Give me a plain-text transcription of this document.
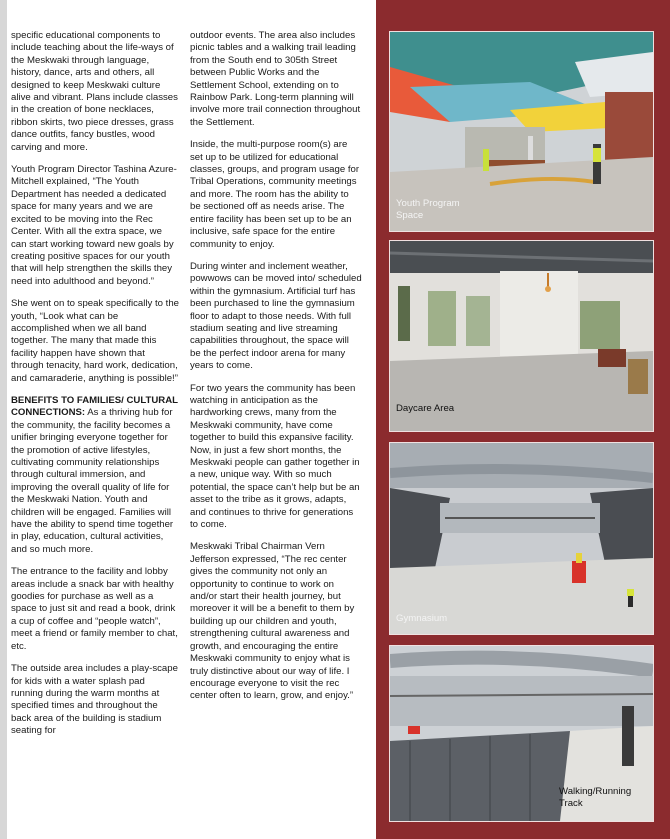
specific educational components to include teaching about the life-ways of the Meskwaki through language, history, dance, arts and others, all designed to keep Meskwaki culture alive and vibrant. Plans include classes in the creation of bone necklaces, ribbon skirts, two piece dresses, grass dance outfits, fancy bustles, wood carving and more.

Youth Program Director Tashina Azure-Mitchell explained, “The Youth Department has needed a dedicated space for many years and we are excited to be moving into the Rec Center. With all the extra space, we can start working toward new goals by creating positive spaces for our youth that will help strengthen the skills they need into adulthood and beyond.”

She went on to speak specifically to the youth, “Look what can be accomplished when we all band together. The many that made this facility happen have shown that through tenacity, hard work, dedication, and camaraderie, anything is possible!”

BENEFITS TO FAMILIES/ CULTURAL CONNECTIONS: As a thriving hub for the community, the facility becomes a unifier bringing everyone together for the promotion of active lifestyles, cultivating community relationships through cultural immersion, and improving the overall quality of life for the Meskwaki Nation. Youth and children will be engaged. Families will have the ability to spend time together in play, education, cultural activities, and so much more.

The entrance to the facility and lobby areas include a snack bar with healthy goodies for purchase as well as a space to just sit and read a book, drink a cup of coffee and “people watch”, meet a friend or family member to chat, etc.

The outside area includes a play-scape for kids with a water splash pad running during the warm months at specified times and throughout the back area of the building is stadium seating for

outdoor events. The area also includes picnic tables and a walking trail leading from the South end to 305th Street between Public Works and the Settlement School, extending on to Rainbow Park. Long-term planning will involve more trail connection throughout the Settlement.

Inside, the multi-purpose room(s) are set up to be utilized for educational classes, groups, and program usage for Tribal Operations, community meetings and more. The room has the ability to be sectioned off as needs arise. The entire facility has been set up to be an inclusive, safe space for the entire community to enjoy.

During winter and inclement weather, powwows can be moved into/ scheduled within the gymnasium. Artificial turf has been purchased to line the gymnasium floor to adapt to those needs. With full stadium seating and live streaming capabilities throughout, the space will be the perfect indoor arena for many years to come.

For two years the community has been watching in anticipation as the hardworking crews, many from the Meskwaki community, have come together to build this expansive facility. Now, in just a few short months, the Meskwaki people can gather together in a new, unique way. With so much potential, the space can’t help but be an asset to the tribe as it grows, adapts, and continues to thrive for generations to come.

Meskwaki Tribal Chairman Vern Jefferson expressed, “The rec center gives the community not only an opportunity to continue to work on and/or start their health journey, but moreover it will be a benefit to them by building up our children and youth, strengthening cultural awareness and growth, and encouraging the entire Meskwaki community to enjoy what is truly distinctive about our way of life. I encourage everyone to visit the rec center often to learn, grow, and enjoy.”

Youth Program
Space
Daycare Area
Gymnasium
Walking/Running
Track
